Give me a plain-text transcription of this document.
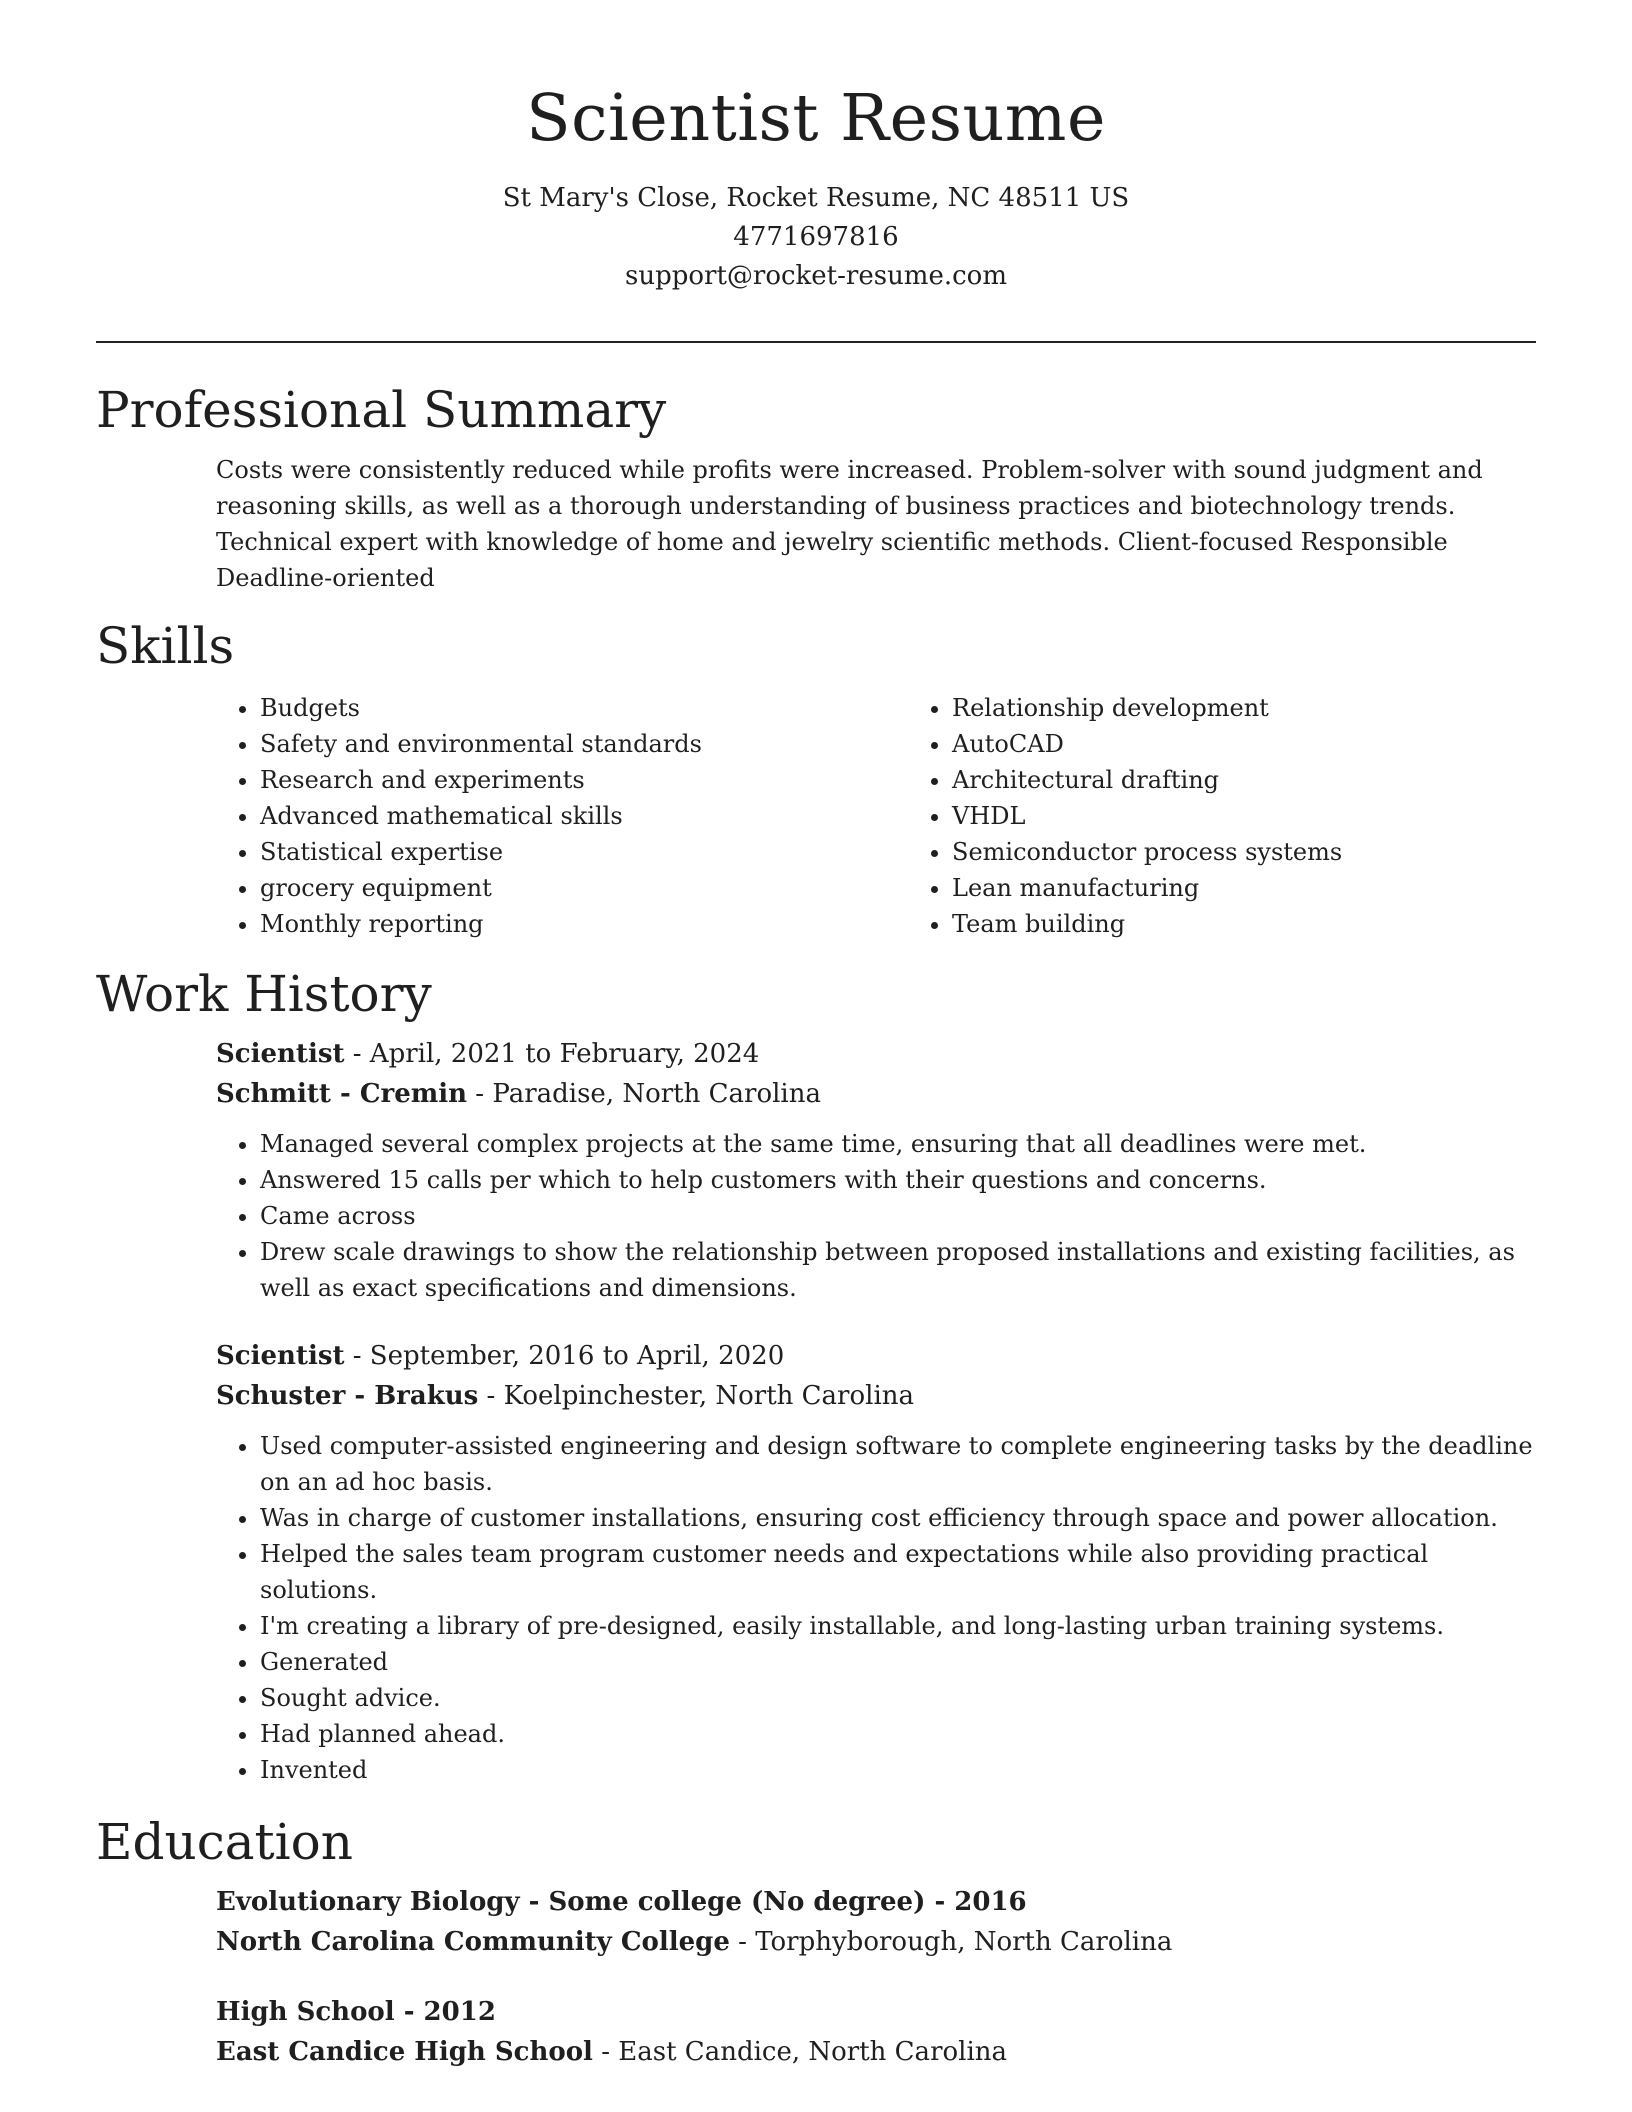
Scientist Resume
St Mary's Close, Rocket Resume, NC 48511 US
4771697816
support@rocket-resume.com
Professional Summary

Costs were consistently reduced while profits were increased. Problem-solver with sound judgment and reasoning skills, as well as a thorough understanding of business practices and biotechnology trends. Technical expert with knowledge of home and jewelry scientific methods. Client-focused Responsible Deadline-oriented

Skills
• Budgets
• Safety and environmental standards
• Research and experiments
• Advanced mathematical skills
• Statistical expertise
• grocery equipment
• Monthly reporting
• Relationship development
• AutoCAD
• Architectural drafting
• VHDL
• Semiconductor process systems
• Lean manufacturing
• Team building
Work History
Scientist - April, 2021 to February, 2024
Schmitt - Cremin - Paradise, North Carolina
• Managed several complex projects at the same time, ensuring that all deadlines were met.
• Answered 15 calls per which to help customers with their questions and concerns.
• Came across
• Drew scale drawings to show the relationship between proposed installations and existing facilities, as well as exact specifications and dimensions.
Scientist - September, 2016 to April, 2020
Schuster - Brakus - Koelpinchester, North Carolina
• Used computer-assisted engineering and design software to complete engineering tasks by the deadline on an ad hoc basis.
• Was in charge of customer installations, ensuring cost efficiency through space and power allocation.
• Helped the sales team program customer needs and expectations while also providing practical solutions.
• I'm creating a library of pre-designed, easily installable, and long-lasting urban training systems.
• Generated
• Sought advice.
• Had planned ahead.
• Invented
Education
Evolutionary Biology - Some college (No degree) - 2016
North Carolina Community College - Torphyborough, North Carolina
High School - 2012
East Candice High School - East Candice, North Carolina
